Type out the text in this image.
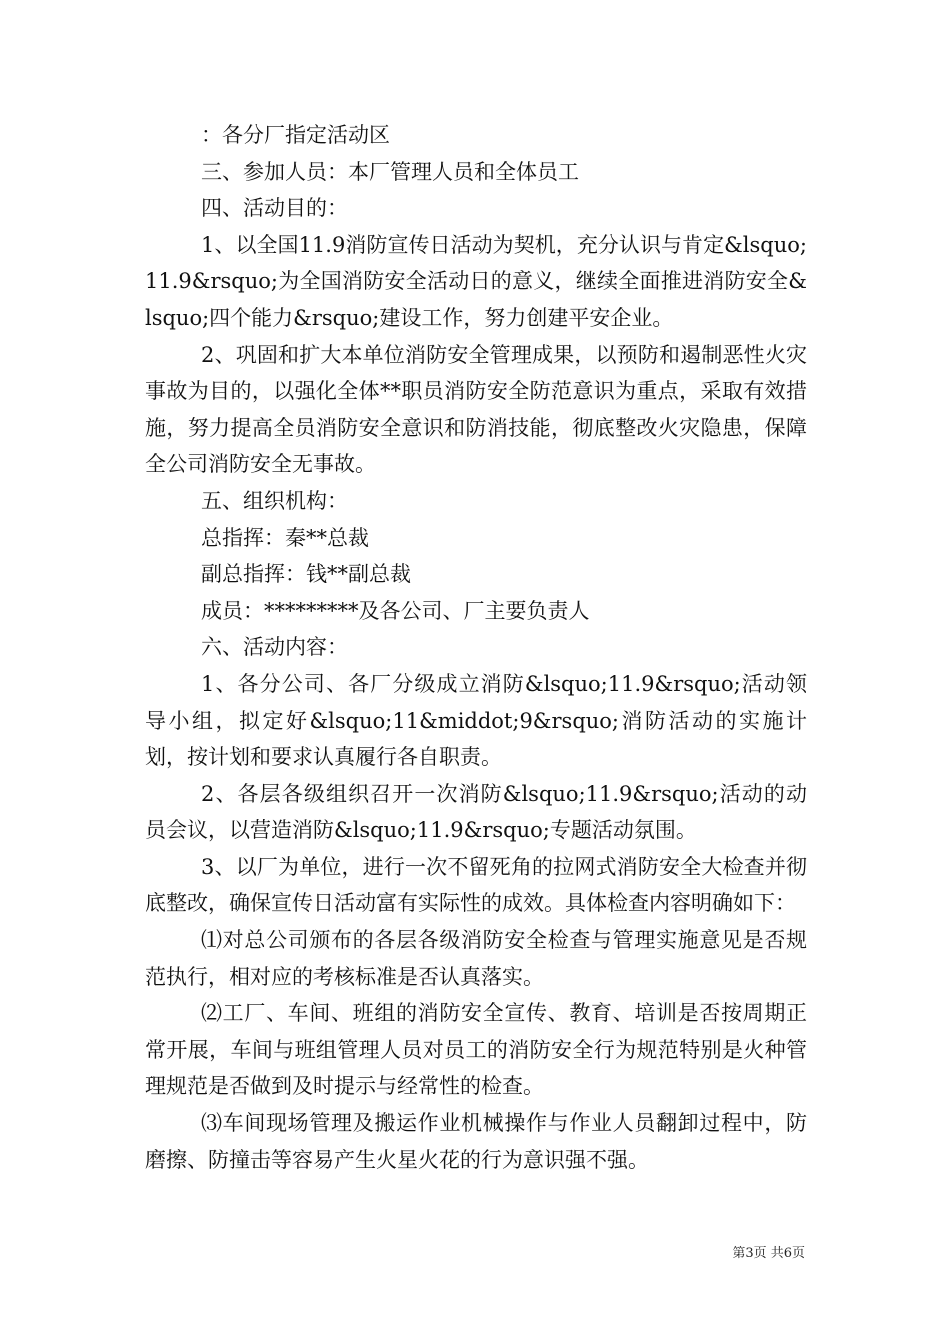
：各分厂指定活动区

三、参加人员：本厂管理人员和全体员工

四、活动目的：

1、以全国11.9消防宣传日活动为契机，充分认识与肯定&lsquo;11.9&rsquo;为全国消防安全活动日的意义，继续全面推进消防安全&lsquo;四个能力&rsquo;建设工作，努力创建平安企业。

2、巩固和扩大本单位消防安全管理成果，以预防和遏制恶性火灾事故为目的，以强化全体**职员消防安全防范意识为重点，采取有效措施，努力提高全员消防安全意识和防消技能，彻底整改火灾隐患，保障全公司消防安全无事故。

五、组织机构：

总指挥：秦**总裁

副总指挥：钱**副总裁

成员：*********及各公司、厂主要负责人

六、活动内容：

1、各分公司、各厂分级成立消防&lsquo;11.9&rsquo;活动领导小组，拟定好&lsquo;11&middot;9&rsquo;消防活动的实施计划，按计划和要求认真履行各自职责。

2、各层各级组织召开一次消防&lsquo;11.9&rsquo;活动的动员会议，以营造消防&lsquo;11.9&rsquo;专题活动氛围。

3、以厂为单位，进行一次不留死角的拉网式消防安全大检查并彻底整改，确保宣传日活动富有实际性的成效。具体检查内容明确如下：

⑴对总公司颁布的各层各级消防安全检查与管理实施意见是否规范执行，相对应的考核标准是否认真落实。

⑵工厂、车间、班组的消防安全宣传、教育、培训是否按周期正常开展，车间与班组管理人员对员工的消防安全行为规范特别是火种管理规范是否做到及时提示与经常性的检查。

⑶车间现场管理及搬运作业机械操作与作业人员翻卸过程中，防磨擦、防撞击等容易产生火星火花的行为意识强不强。

第3页 共6页
